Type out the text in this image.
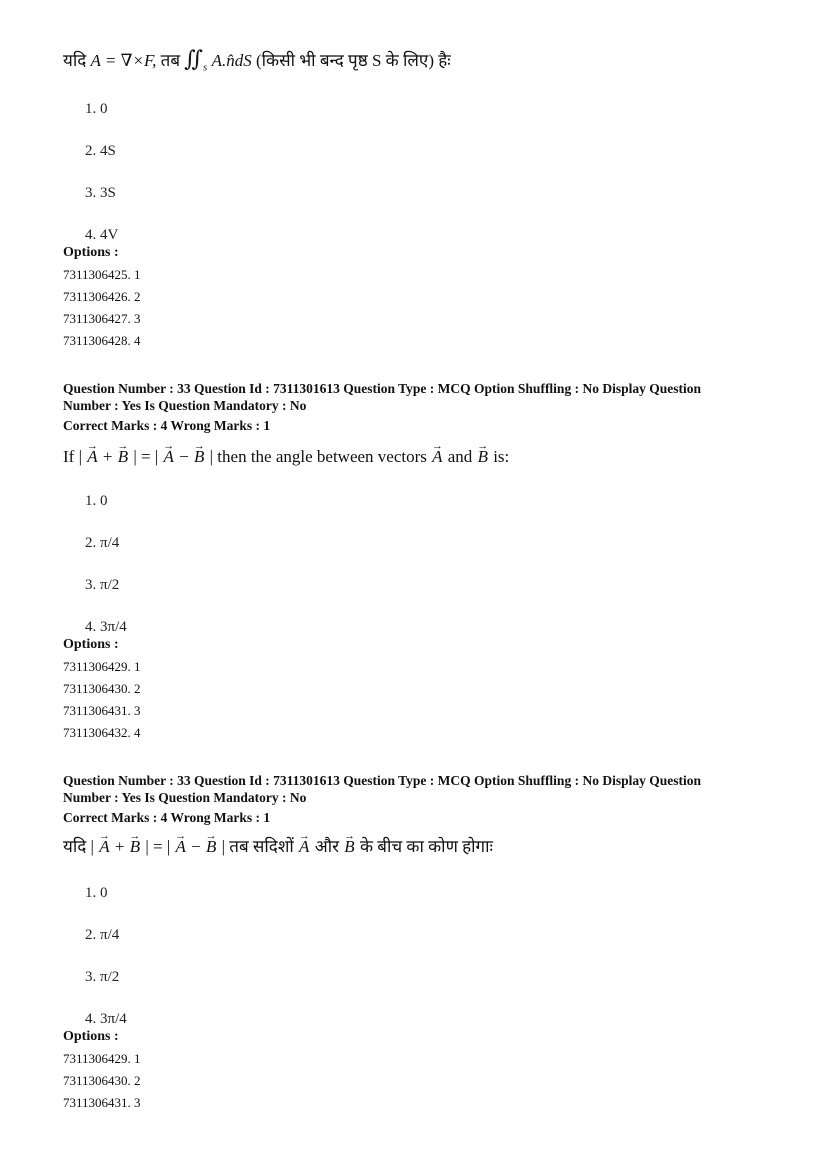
यदि A = ∇×F, तब $∬_s$ A.n̂dS (किसी भी बन्द पृष्ठ S के लिए) हैः
1. 0
2. 4S
3. 3S
4. 4V
Options :
7311306425. 1
7311306426. 2
7311306427. 3
7311306428. 4
Question Number : 33 Question Id : 7311301613 Question Type : MCQ Option Shuffling : No Display Question
Number : Yes Is Question Mandatory : No
Correct Marks : 4 Wrong Marks : 1
If | → A + → B | = | → A − → B | then the angle between vectors → A and → B is:
1. 0
2. π/4
3. π/2
4. 3π/4
Options :
7311306429. 1
7311306430. 2
7311306431. 3
7311306432. 4
Question Number : 33 Question Id : 7311301613 Question Type : MCQ Option Shuffling : No Display Question
Number : Yes Is Question Mandatory : No
Correct Marks : 4 Wrong Marks : 1
यदि | → A + → B | = | → A − → B | तब सदिशों → A और → B के बीच का कोण होगाः
1. 0
2. π/4
3. π/2
4. 3π/4
Options :
7311306429. 1
7311306430. 2
7311306431. 3
